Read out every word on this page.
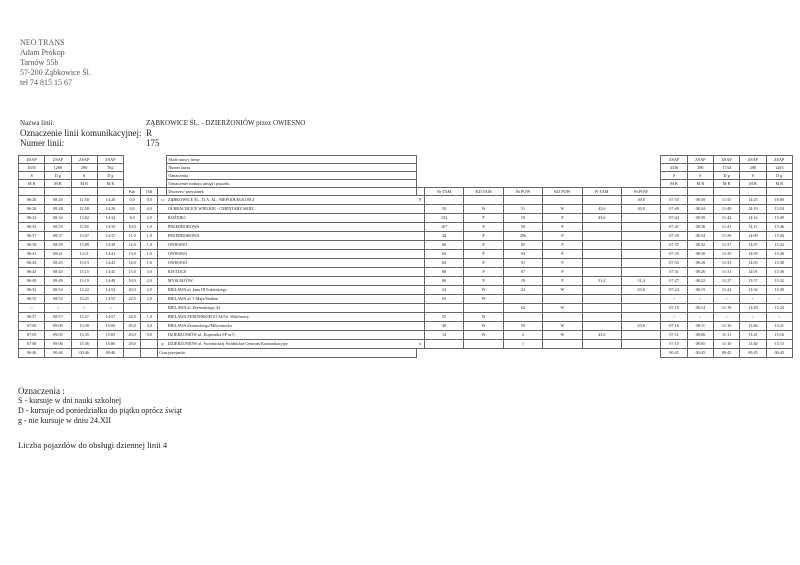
NEO TRANS
Adam Prokop
Tarnów 55b
57-200 Ząbkowice Śl.
tel 74 815 15 67
Nazwa linii:	ZĄBKOWICE ŚL. - DZIERŻONIÓW przez OWIESNO
Oznaczenie linii komunikacyjnej: R
Numer linii:	175
ZSAP	ZSAP	ZSAP	ZSAP				Skrót nazwy firmy								ZSAP	ZSAP	ZSAP	ZSAP	ZSAP
4335	1268	290	562				Numer kursu								4336	290	1744	288	1263
S	D g	S	D g				Oznaczenia								S	S	D g	S	D g
M R	M R	M R	M R				Oznaczenie rodzaju usługi i pojazdu								M R	M R	M R	M R	M R
				Km	Odl		Dworzec/ przystanek		Nr TAM	KD TAM	Nr POW	KD POW	Pr.TAM	Pr.POW					
06:20	08:20	12:50	14:20	0,0	0,0	o	ZĄBKOWICE ŚL., D.A. AL. NIEPODLEGŁOŚCI	P						40,0	07:55	08:50	11:55	14:25	16:00
06:28	08:28	12:58	14:26	4,0	4,0		OLBRACHCICE WIELKIE - CMENTARZ SKRZ.		50	W	51	W	43,6	40,0	07:49	08:44	11:49	14:19	15:54
06:32	08:32	13:02	14:32	8,0	2,0		KOŹNIEC		152	P	19	P	43,6		07:44	08:39	11:44	14:14	15:49
06:35	08:35	13:05	14:35	10,0	1,0		PRZEDBOROWA		167	P	50	P			07:41	08:36	11:41	14:11	15:46
06:37	08:37	13:07	14:37	11,0	1,0		PRZEDBOROWA		48	P	296	P			07:39	08:34	11:39	14:09	15:44
06:39	08:39	13:09	14:39	12,0	1,0		OWIESNO		06	P	05	P			07:37	08:32	11:37	14:07	15:42
06:41	08:41	13:11	14:41	13,0	1,0		OWIESNO		04	P	03	P			07:35	08:30	11:35	14:05	15:40
06:43	08:43	13:13	14:43	14,0	1,0		OWIESNO		02	P	01	P			07:33	08:28	11:33	14:03	15:38
06:45	08:45	13:15	14:45	15,0	3,0		KIETLICE		08	P	07	P			07:31	08:26	11:31	14:01	15:36
06:49	08:49	13:19	14:49	18,0	2,0		MYŚLISZÓW		06	P	19	P	51,4	51,4	07:27	08:22	11:27	13:57	15:32
06:52	08:52	13:22	14:52	20,0	2,0		BIELAWA ul. Jana III Sobieskiego		24	W	22	W		43,6	07:24	08:19	11:24	13:54	15:29
06:55	08:55	13:25	14:55	22,0	2,0		BIELAWA ul. 1 Maja/Stadion		63	W					<	<	<	<	<
<	<	<	<				BIELAWA ul. Żeromskiego 44				62	W			07:19	08:14	11:19	13:49	15:24
06:57	08:57	13:27	14:57	24,0	1,0		BIELAWA ŻEROMSKIEGO 44/Os. Wiklinowy		55	W					<	<	<	<	<
07:00	09:00	13:30	15:00	25,0	4,0		BIELAWA Żeromskiego/Mikroniecka		40	W	59	W		43,6	07:16	08:11	11:16	13:46	15:21
07:05	09:05	13:35	15:05	29,0	0,0		DZIERŻONIÓW ul. Kopernika SP nr 9		14	W	2	W	43,6		07:11	08:06	11:11	13:41	15:16
07:06	09:06	13:36	15:06	29,0		p	DZIERŻONIÓW ul. Świetnickiej Świdnickie Centrum Komunikacyjne	o			1				07:10	08:05	11:10	13:40	15:15
00:46	00:46	00:46	00:46			Czas przejazdu									00:45	00:45	00:45	00:45	00:45
Oznaczenia :
S - kursuje w dni nauki szkolnej
D - kursuje od poniedziałku do piątku oprócz świąt
g - nie kursuje w dniu 24.XII
Liczba pojazdów do obsługi dziennej linii 4
